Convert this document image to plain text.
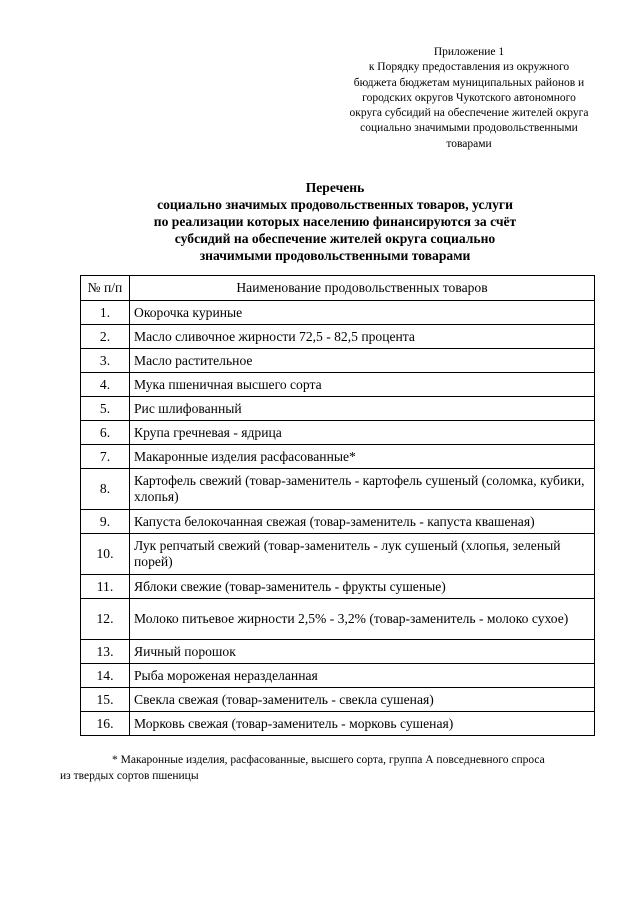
Приложение 1
к Порядку предоставления из окружного
бюджета бюджетам муниципальных районов и
городских округов Чукотского автономного
округа субсидий на обеспечение жителей округа
социально значимыми продовольственными
товарами
Перечень
социально значимых продовольственных товаров, услуги
по реализации которых населению финансируются за счёт
субсидий на обеспечение жителей округа социально
значимыми продовольственными товарами
№ п/п	Наименование продовольственных товаров
1.	Окорочка куриные
2.	Масло сливочное жирности 72,5 - 82,5 процента
3.	Масло растительное
4.	Мука пшеничная высшего сорта
5.	Рис шлифованный
6.	Крупа гречневая - ядрица
7.	Макаронные изделия расфасованные*
8.	Картофель свежий (товар-заменитель - картофель сушеный (соломка, кубики, хлопья)
9.	Капуста белокочанная свежая (товар-заменитель - капуста квашеная)
10.	Лук репчатый свежий (товар-заменитель - лук сушеный (хлопья, зеленый порей)
11.	Яблоки свежие (товар-заменитель - фрукты сушеные)
12.	Молоко питьевое жирности 2,5% - 3,2% (товар-заменитель - молоко сухое)
13.	Яичный порошок
14.	Рыба мороженая неразделанная
15.	Свекла свежая (товар-заменитель - свекла сушеная)
16.	Морковь свежая (товар-заменитель - морковь сушеная)
* Макаронные изделия, расфасованные, высшего сорта, группа А повседневного спроса
из твердых сортов пшеницы
